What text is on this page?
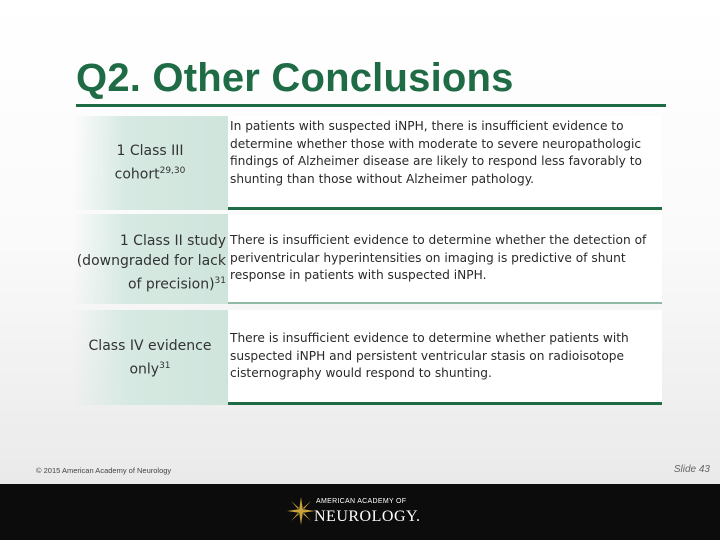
Q2. Other Conclusions
1 Class III cohort$^{29,30}$
In patients with suspected iNPH, there is insufficient evidence to determine whether those with moderate to severe neuropathologic findings of Alzheimer disease are likely to respond less favorably to shunting than those without Alzheimer pathology.
1 Class II study (downgraded for lack of precision)$^{31}$
There is insufficient evidence to determine whether the detection of periventricular hyperintensities on imaging is predictive of shunt response in patients with suspected iNPH.
Class IV evidence only$^{31}$
There is insufficient evidence to determine whether patients with suspected iNPH and persistent ventricular stasis on radioisotope cisternography would respond to shunting.
© 2015 American Academy of Neurology	Slide 43
AMERICAN ACADEMY OF
NEUROLOGY.
